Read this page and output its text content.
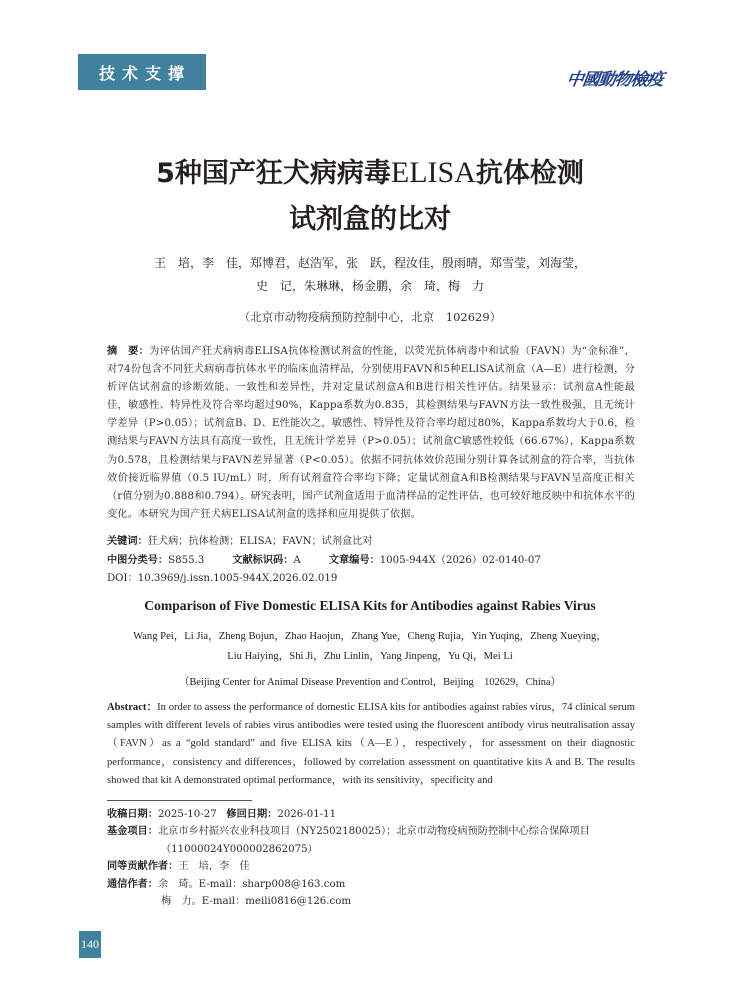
技术支撑	中國動物檢疫
5种国产狂犬病病毒ELISA抗体检测
试剂盒的比对
王　培，李　佳，郑博君，赵浩军，张　跃，程汝佳，殷雨晴，郑雪莹，刘海莹，
史　记，朱琳琳，杨金鹏，余　琦，梅　力
（北京市动物疫病预防控制中心，北京　102629）
摘　要：为评估国产狂犬病病毒ELISA抗体检测试剂盒的性能，以荧光抗体病毒中和试验（FAVN）为“金标准”，对74份包含不同狂犬病病毒抗体水平的临床血清样品，分别使用FAVN和5种ELISA试剂盒（A—E）进行检测，分析评估试剂盒的诊断效能、一致性和差异性，并对定量试剂盒A和B进行相关性评估。结果显示：试剂盒A性能最佳，敏感性、特异性及符合率均超过90%，Kappa系数为0.835，其检测结果与FAVN方法一致性极强，且无统计学差异（P>0.05）；试剂盒B、D、E性能次之，敏感性、特异性及符合率均超过80%，Kappa系数均大于0.6，检测结果与FAVN方法具有高度一致性，且无统计学差异（P>0.05）；试剂盒C敏感性较低（66.67%），Kappa系数为0.578，且检测结果与FAVN差异显著（P<0.05）。依据不同抗体效价范围分别计算各试剂盒的符合率，当抗体效价接近临界值（0.5 IU/mL）时，所有试剂盒符合率均下降；定量试剂盒A和B检测结果与FAVN呈高度正相关（r值分别为0.888和0.794）。研究表明，国产试剂盒适用于血清样品的定性评估，也可较好地反映中和抗体水平的变化。本研究为国产狂犬病ELISA试剂盒的选择和应用提供了依据。
关键词：狂犬病；抗体检测；ELISA；FAVN；试剂盒比对
中图分类号：S855.3	文献标识码：A	文章编号：1005-944X（2026）02-0140-07
DOI：10.3969/j.issn.1005-944X.2026.02.019
Comparison of Five Domestic ELISA Kits for Antibodies against Rabies Virus
Wang Pei，Li Jia，Zheng Bojun，Zhao Haojun，Zhang Yue，Cheng Rujia，Yin Yuqing，Zheng Xueying，
Liu Haiying，Shi Ji，Zhu Linlin，Yang Jinpeng，Yu Qi，Mei Li
（Beijing Center for Animal Disease Prevention and Control，Beijing　102629，China）
Abstract：In order to assess the performance of domestic ELISA kits for antibodies against rabies virus，74 clinical serum samples with different levels of rabies virus antibodies were tested using the fluorescent antibody virus neutralisation assay（FAVN）as a “gold standard” and five ELISA kits（A—E），respectively，for assessment on their diagnostic performance，consistency and differences，followed by correlation assessment on quantitative kits A and B. The results showed that kit A demonstrated optimal performance，with its sensitivity，specificity and
收稿日期：2025-10-27 修回日期：2026-01-11
基金项目：北京市乡村振兴农业科技项目（NY2502180025）；北京市动物疫病预防控制中心综合保障项目
（11000024Y000002862075）
同等贡献作者：王　培，李　佳
通信作者：余　琦。E-mail：sharp008@163.com
梅　力。E-mail：meili0816@126.com
140
